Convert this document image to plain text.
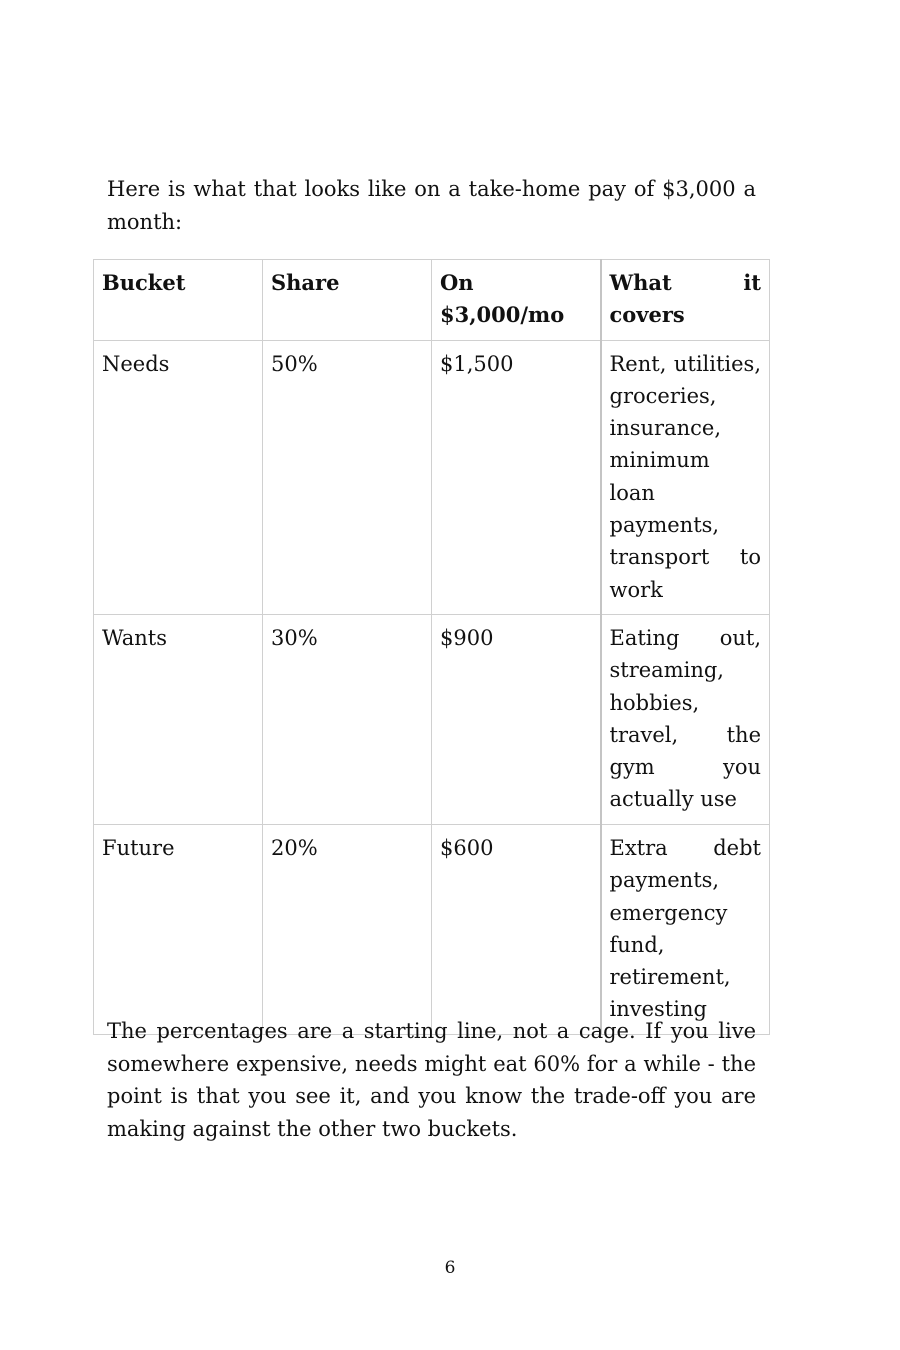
Here is what that looks like on a take-home pay of $3,000 a month:

Bucket	Share	On $3,000/mo	What it covers
Needs	50%	$1,500	Rent, utilities, groceries, insurance, minimum loan payments, transport to work
Wants	30%	$900	Eating out, streaming, hobbies, travel, the gym you actually use
Future	20%	$600	Extra debt payments, emergency fund, retirement, investing

The percentages are a starting line, not a cage. If you live somewhere expensive, needs might eat 60% for a while - the point is that you see it, and you know the trade-off you are making against the other two buckets.

6
